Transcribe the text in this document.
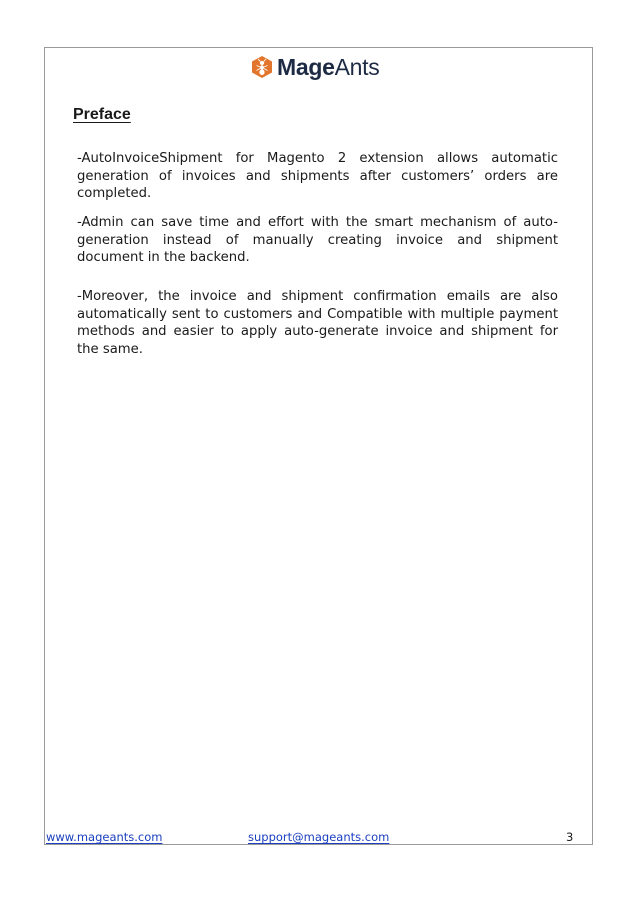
MageAnts
Preface

-AutoInvoiceShipment for Magento 2 extension allows automatic generation of invoices and shipments after customers’ orders are completed.

-Admin can save time and effort with the smart mechanism of auto-generation instead of manually creating invoice and shipment document in the backend.

-Moreover, the invoice and shipment confirmation emails are also automatically sent to customers and Compatible with multiple payment methods and easier to apply auto-generate invoice and shipment for the same.

www.mageants.com	support@mageants.com	3
